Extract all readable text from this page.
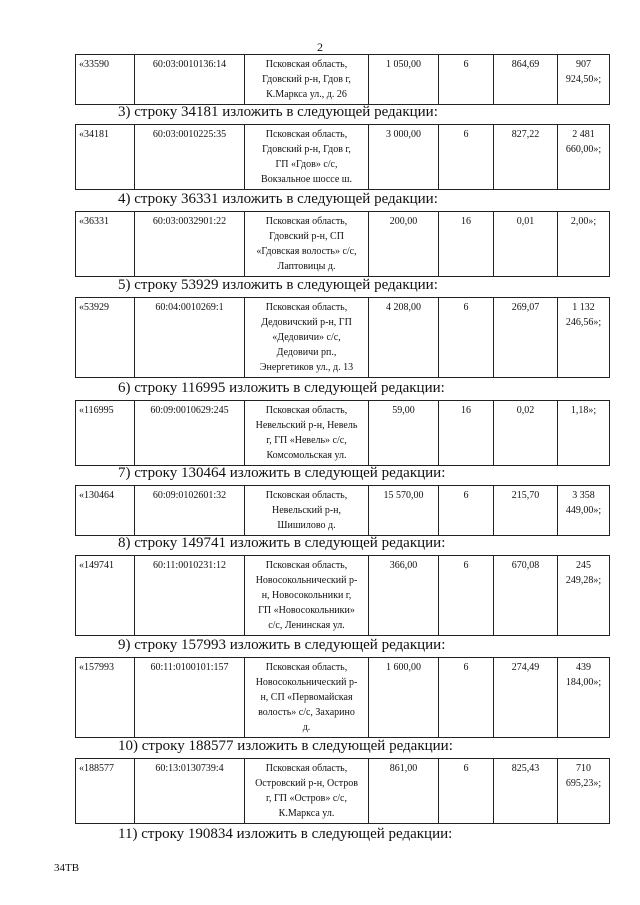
2
«33590	60:03:0010136:14	Псковская область,
Гдовский р-н, Гдов г,
К.Маркса ул., д. 26
	1 050,00	6	864,69	907 924,50»;
3) строку 34181 изложить в следующей редакции:
«34181	60:03:0010225:35	Псковская область,
Гдовский р-н, Гдов г,
ГП «Гдов» с/с,
Вокзальное шоссе ш.
	3 000,00	6	827,22	2 481 660,00»;
4) строку 36331 изложить в следующей редакции:
«36331	60:03:0032901:22	Псковская область,
Гдовский р-н, СП
«Гдовская волость» с/с,
Лаптовицы д.
	200,00	16	0,01	2,00»;
5) строку 53929 изложить в следующей редакции:
«53929	60:04:0010269:1	Псковская область,
Дедовичский р-н, ГП
«Дедовичи» с/с,
Дедовичи рп.,
Энергетиков ул., д. 13
	4 208,00	6	269,07	1 132 246,56»;
6) строку 116995 изложить в следующей редакции:
«116995	60:09:0010629:245	Псковская область,
Невельский р-н, Невель
г, ГП «Невель» с/с,
Комсомольская ул.
	59,00	16	0,02	1,18»;
7) строку 130464 изложить в следующей редакции:
«130464	60:09:0102601:32	Псковская область,
Невельский р-н,
Шишилово д.
	15 570,00	6	215,70	3 358 449,00»;
8) строку 149741 изложить в следующей редакции:
«149741	60:11:0010231:12	Псковская область,
Новосокольнический р-
н, Новосокольники г,
ГП «Новосокольники»
с/с, Ленинская ул.
	366,00	6	670,08	245 249,28»;
9) строку 157993 изложить в следующей редакции:
«157993	60:11:0100101:157	Псковская область,
Новосокольнический р-
н, СП «Первомайская
волость» с/с, Захарино
д.
	1 600,00	6	274,49	439 184,00»;
10) строку 188577 изложить в следующей редакции:
«188577	60:13:0130739:4	Псковская область,
Островский р-н, Остров
г, ГП «Остров» с/с,
К.Маркса ул.
	861,00	6	825,43	710 695,23»;
11) строку 190834 изложить в следующей редакции:
34ТВ
